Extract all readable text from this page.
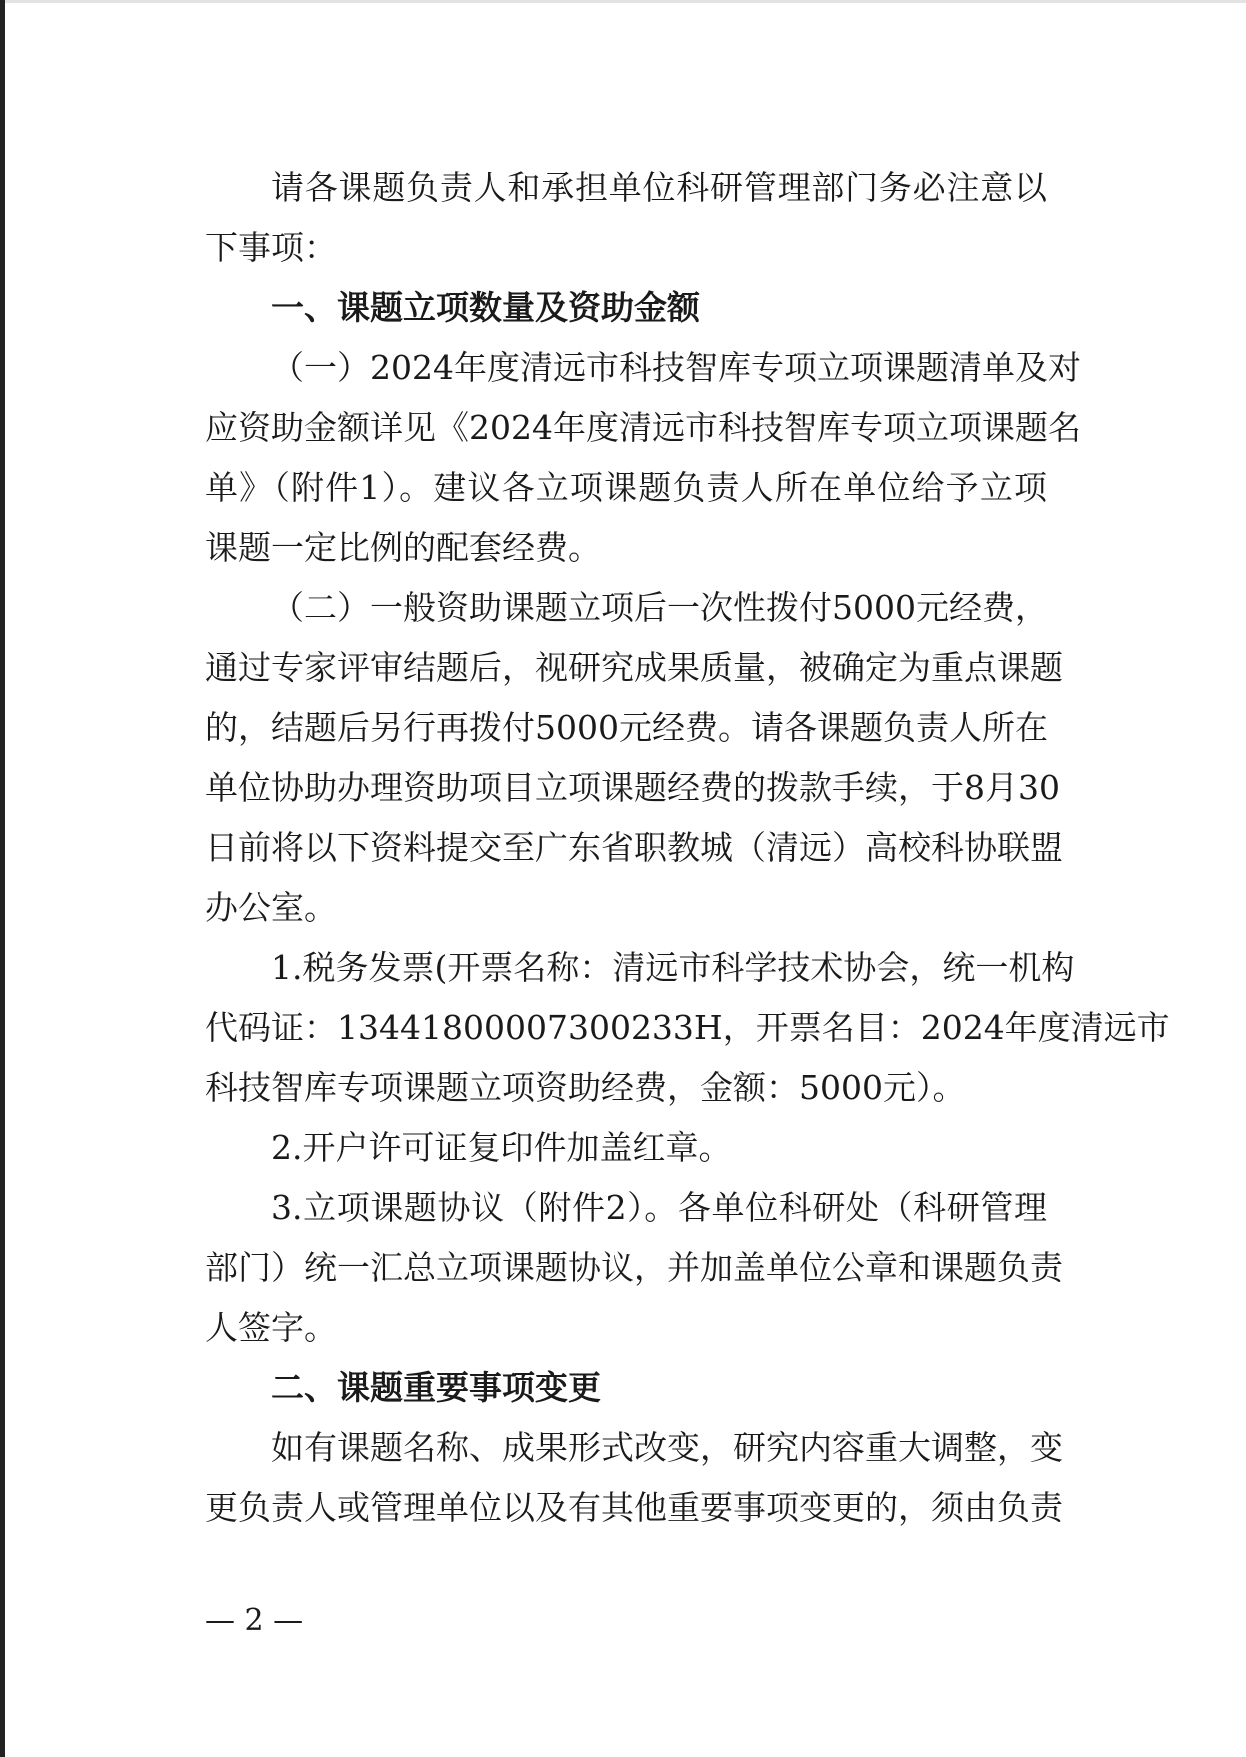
请各课题负责人和承担单位科研管理部门务必注意以
下事项：
一、课题立项数量及资助金额
（一）2024年度清远市科技智库专项立项课题清单及对
应资助金额详见《2024年度清远市科技智库专项立项课题名
单》（附件1）。建议各立项课题负责人所在单位给予立项
课题一定比例的配套经费。
（二）一般资助课题立项后一次性拨付5000元经费，
通过专家评审结题后，视研究成果质量，被确定为重点课题
的，结题后另行再拨付5000元经费。请各课题负责人所在
单位协助办理资助项目立项课题经费的拨款手续，于8月30
日前将以下资料提交至广东省职教城（清远）高校科协联盟
办公室。
1.税务发票(开票名称：清远市科学技术协会，统一机构
代码证：13441800007300233H，开票名目：2024年度清远市
科技智库专项课题立项资助经费，金额：5000元）。
2.开户许可证复印件加盖红章。
3.立项课题协议（附件2）。各单位科研处（科研管理
部门）统一汇总立项课题协议，并加盖单位公章和课题负责
人签字。
二、课题重要事项变更
如有课题名称、成果形式改变，研究内容重大调整，变
更负责人或管理单位以及有其他重要事项变更的，须由负责
— 2 —
